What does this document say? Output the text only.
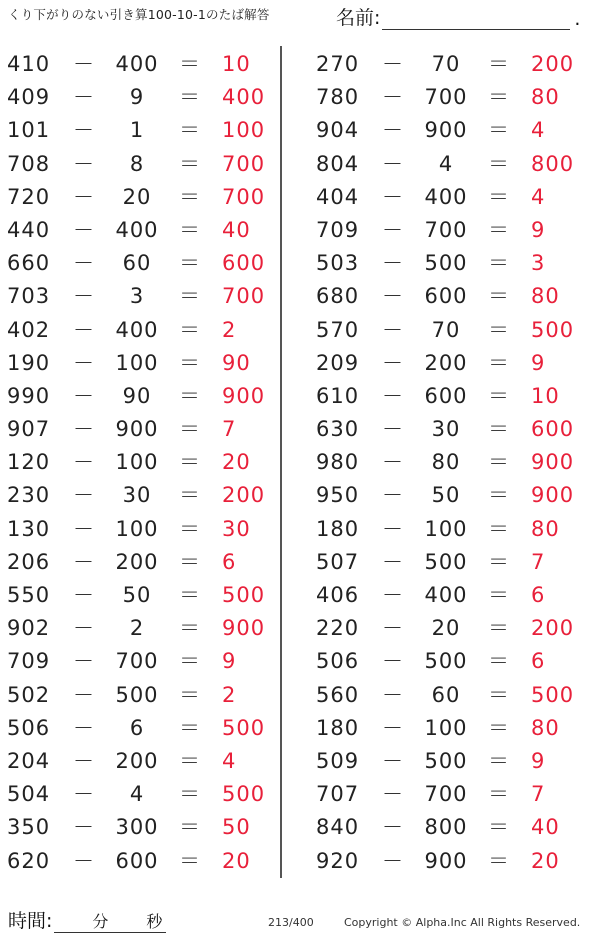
くり下がりのない引き算100-10-1のたば解答	名前:	.
410 －	400 ＝ 10
409 －	9	＝ 400
101 －	1	＝ 100
708 －	8	＝ 700
720 －	20	＝ 700
440 －	400 ＝ 40
660 －	60	＝ 600
703 －	3	＝ 700
402 －	400 ＝ 2
190 －	100 ＝ 90
990 －	90	＝ 900
907 －	900 ＝ 7
120 －	100 ＝ 20
230 －	30	＝ 200
130 －	100 ＝ 30
206 －	200 ＝ 6
550 －	50	＝ 500
902 －	2	＝ 900
709 －	700 ＝ 9
502 －	500 ＝ 2
506 －	6	＝ 500
204 －	200 ＝ 4
504 －	4	＝ 500
350 －	300 ＝ 50
620 －	600 ＝ 20
270 －	70	＝ 200
780 －	700 ＝ 80
904 －	900 ＝ 4
804 －	4	＝ 800
404 －	400 ＝ 4
709 －	700 ＝ 9
503 －	500 ＝ 3
680 －	600 ＝ 80
570 －	70	＝ 500
209 －	200 ＝ 9
610 －	600 ＝ 10
630 －	30	＝ 600
980 －	80	＝ 900
950 －	50	＝ 900
180 －	100 ＝ 80
507 －	500 ＝ 7
406 －	400 ＝ 6
220 －	20	＝ 200
506 －	500 ＝ 6
560 －	60	＝ 500
180 －	100 ＝ 80
509 －	500 ＝ 9
707 －	700 ＝ 7
840 －	800 ＝ 40
920 －	900 ＝ 20
時間:	分 秒	213/400	Copyright © Alpha.Inc All Rights Reserved.
